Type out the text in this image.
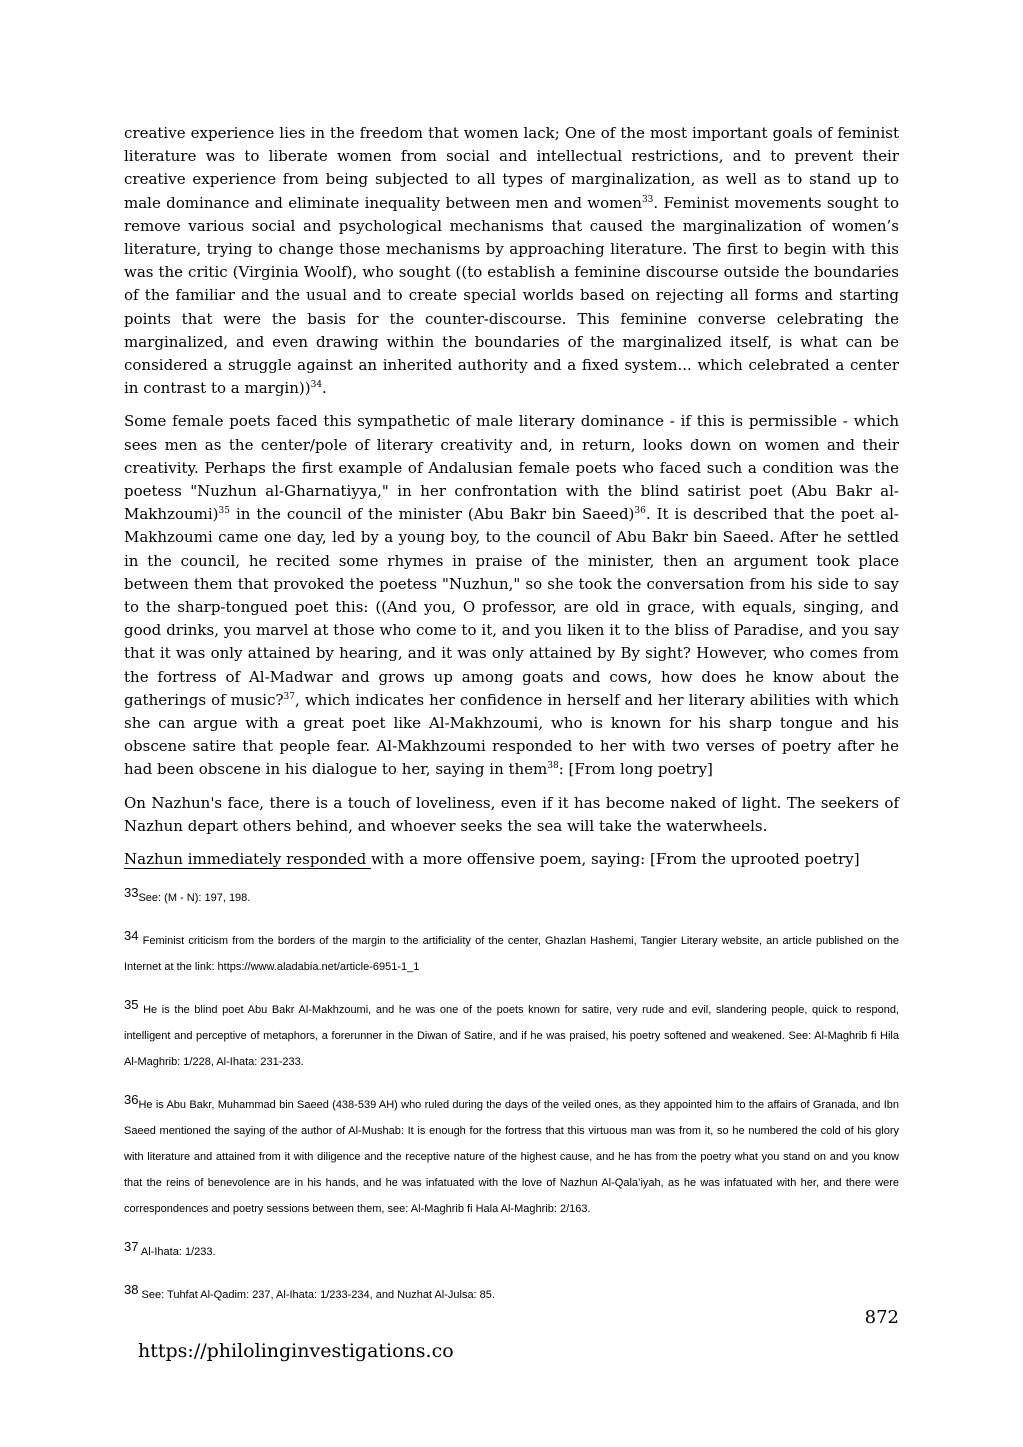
creative experience lies in the freedom that women lack; One of the most important goals of feminist literature was to liberate women from social and intellectual restrictions, and to prevent their creative experience from being subjected to all types of marginalization, as well as to stand up to male dominance and eliminate inequality between men and women$^{33}$. Feminist movements sought to remove various social and psychological mechanisms that caused the marginalization of women’s literature, trying to change those mechanisms by approaching literature. The first to begin with this was the critic (Virginia Woolf), who sought ((to establish a feminine discourse outside the boundaries of the familiar and the usual and to create special worlds based on rejecting all forms and starting points that were the basis for the counter-discourse. This feminine converse celebrating the marginalized, and even drawing within the boundaries of the marginalized itself, is what can be considered a struggle against an inherited authority and a fixed system... which celebrated a center in contrast to a margin))$^{34}$.

Some female poets faced this sympathetic of male literary dominance - if this is permissible - which sees men as the center/pole of literary creativity and, in return, looks down on women and their creativity. Perhaps the first example of Andalusian female poets who faced such a condition was the poetess "Nuzhun al-Gharnatiyya," in her confrontation with the blind satirist poet (Abu Bakr al-Makhzoumi)$^{35}$ in the council of the minister (Abu Bakr bin Saeed)$^{36}$. It is described that the poet al-Makhzoumi came one day, led by a young boy, to the council of Abu Bakr bin Saeed. After he settled in the council, he recited some rhymes in praise of the minister, then an argument took place between them that provoked the poetess "Nuzhun," so she took the conversation from his side to say to the sharp-tongued poet this: ((And you, O professor, are old in grace, with equals, singing, and good drinks, you marvel at those who come to it, and you liken it to the bliss of Paradise, and you say that it was only attained by hearing, and it was only attained by By sight? However, who comes from the fortress of Al-Madwar and grows up among goats and cows, how does he know about the gatherings of music?$^{37}$, which indicates her confidence in herself and her literary abilities with which she can argue with a great poet like Al-Makhzoumi, who is known for his sharp tongue and his obscene satire that people fear. Al-Makhzoumi responded to her with two verses of poetry after he had been obscene in his dialogue to her, saying in them$^{38}$: [From long poetry]

On Nazhun's face, there is a touch of loveliness, even if it has become naked of light. The seekers of Nazhun depart others behind, and whoever seeks the sea will take the waterwheels.

Nazhun immediately responded with a more offensive poem, saying: [From the uprooted poetry]

33See: (M - N): 197, 198.
34 Feminist criticism from the borders of the margin to the artificiality of the center, Ghazlan Hashemi, Tangier Literary website, an article published on the Internet at the link: https://www.aladabia.net/article-6951-1_1
35 He is the blind poet Abu Bakr Al-Makhzoumi, and he was one of the poets known for satire, very rude and evil, slandering people, quick to respond, intelligent and perceptive of metaphors, a forerunner in the Diwan of Satire, and if he was praised, his poetry softened and weakened. See: Al-Maghrib fi Hila Al-Maghrib: 1/228, Al-Ihata: 231-233.
36He is Abu Bakr, Muhammad bin Saeed (438-539 AH) who ruled during the days of the veiled ones, as they appointed him to the affairs of Granada, and Ibn Saeed mentioned the saying of the author of Al-Mushab: It is enough for the fortress that this virtuous man was from it, so he numbered the cold of his glory with literature and attained from it with diligence and the receptive nature of the highest cause, and he has from the poetry what you stand on and you know that the reins of benevolence are in his hands, and he was infatuated with the love of Nazhun Al-Qala’iyah, as he was infatuated with her, and there were correspondences and poetry sessions between them, see: Al-Maghrib fi Hala Al-Maghrib: 2/163.
37 Al-Ihata: 1/233.
38 See: Tuhfat Al-Qadim: 237, Al-Ihata: 1/233-234, and Nuzhat Al-Julsa: 85.
872
https://philolinginvestigations.co
